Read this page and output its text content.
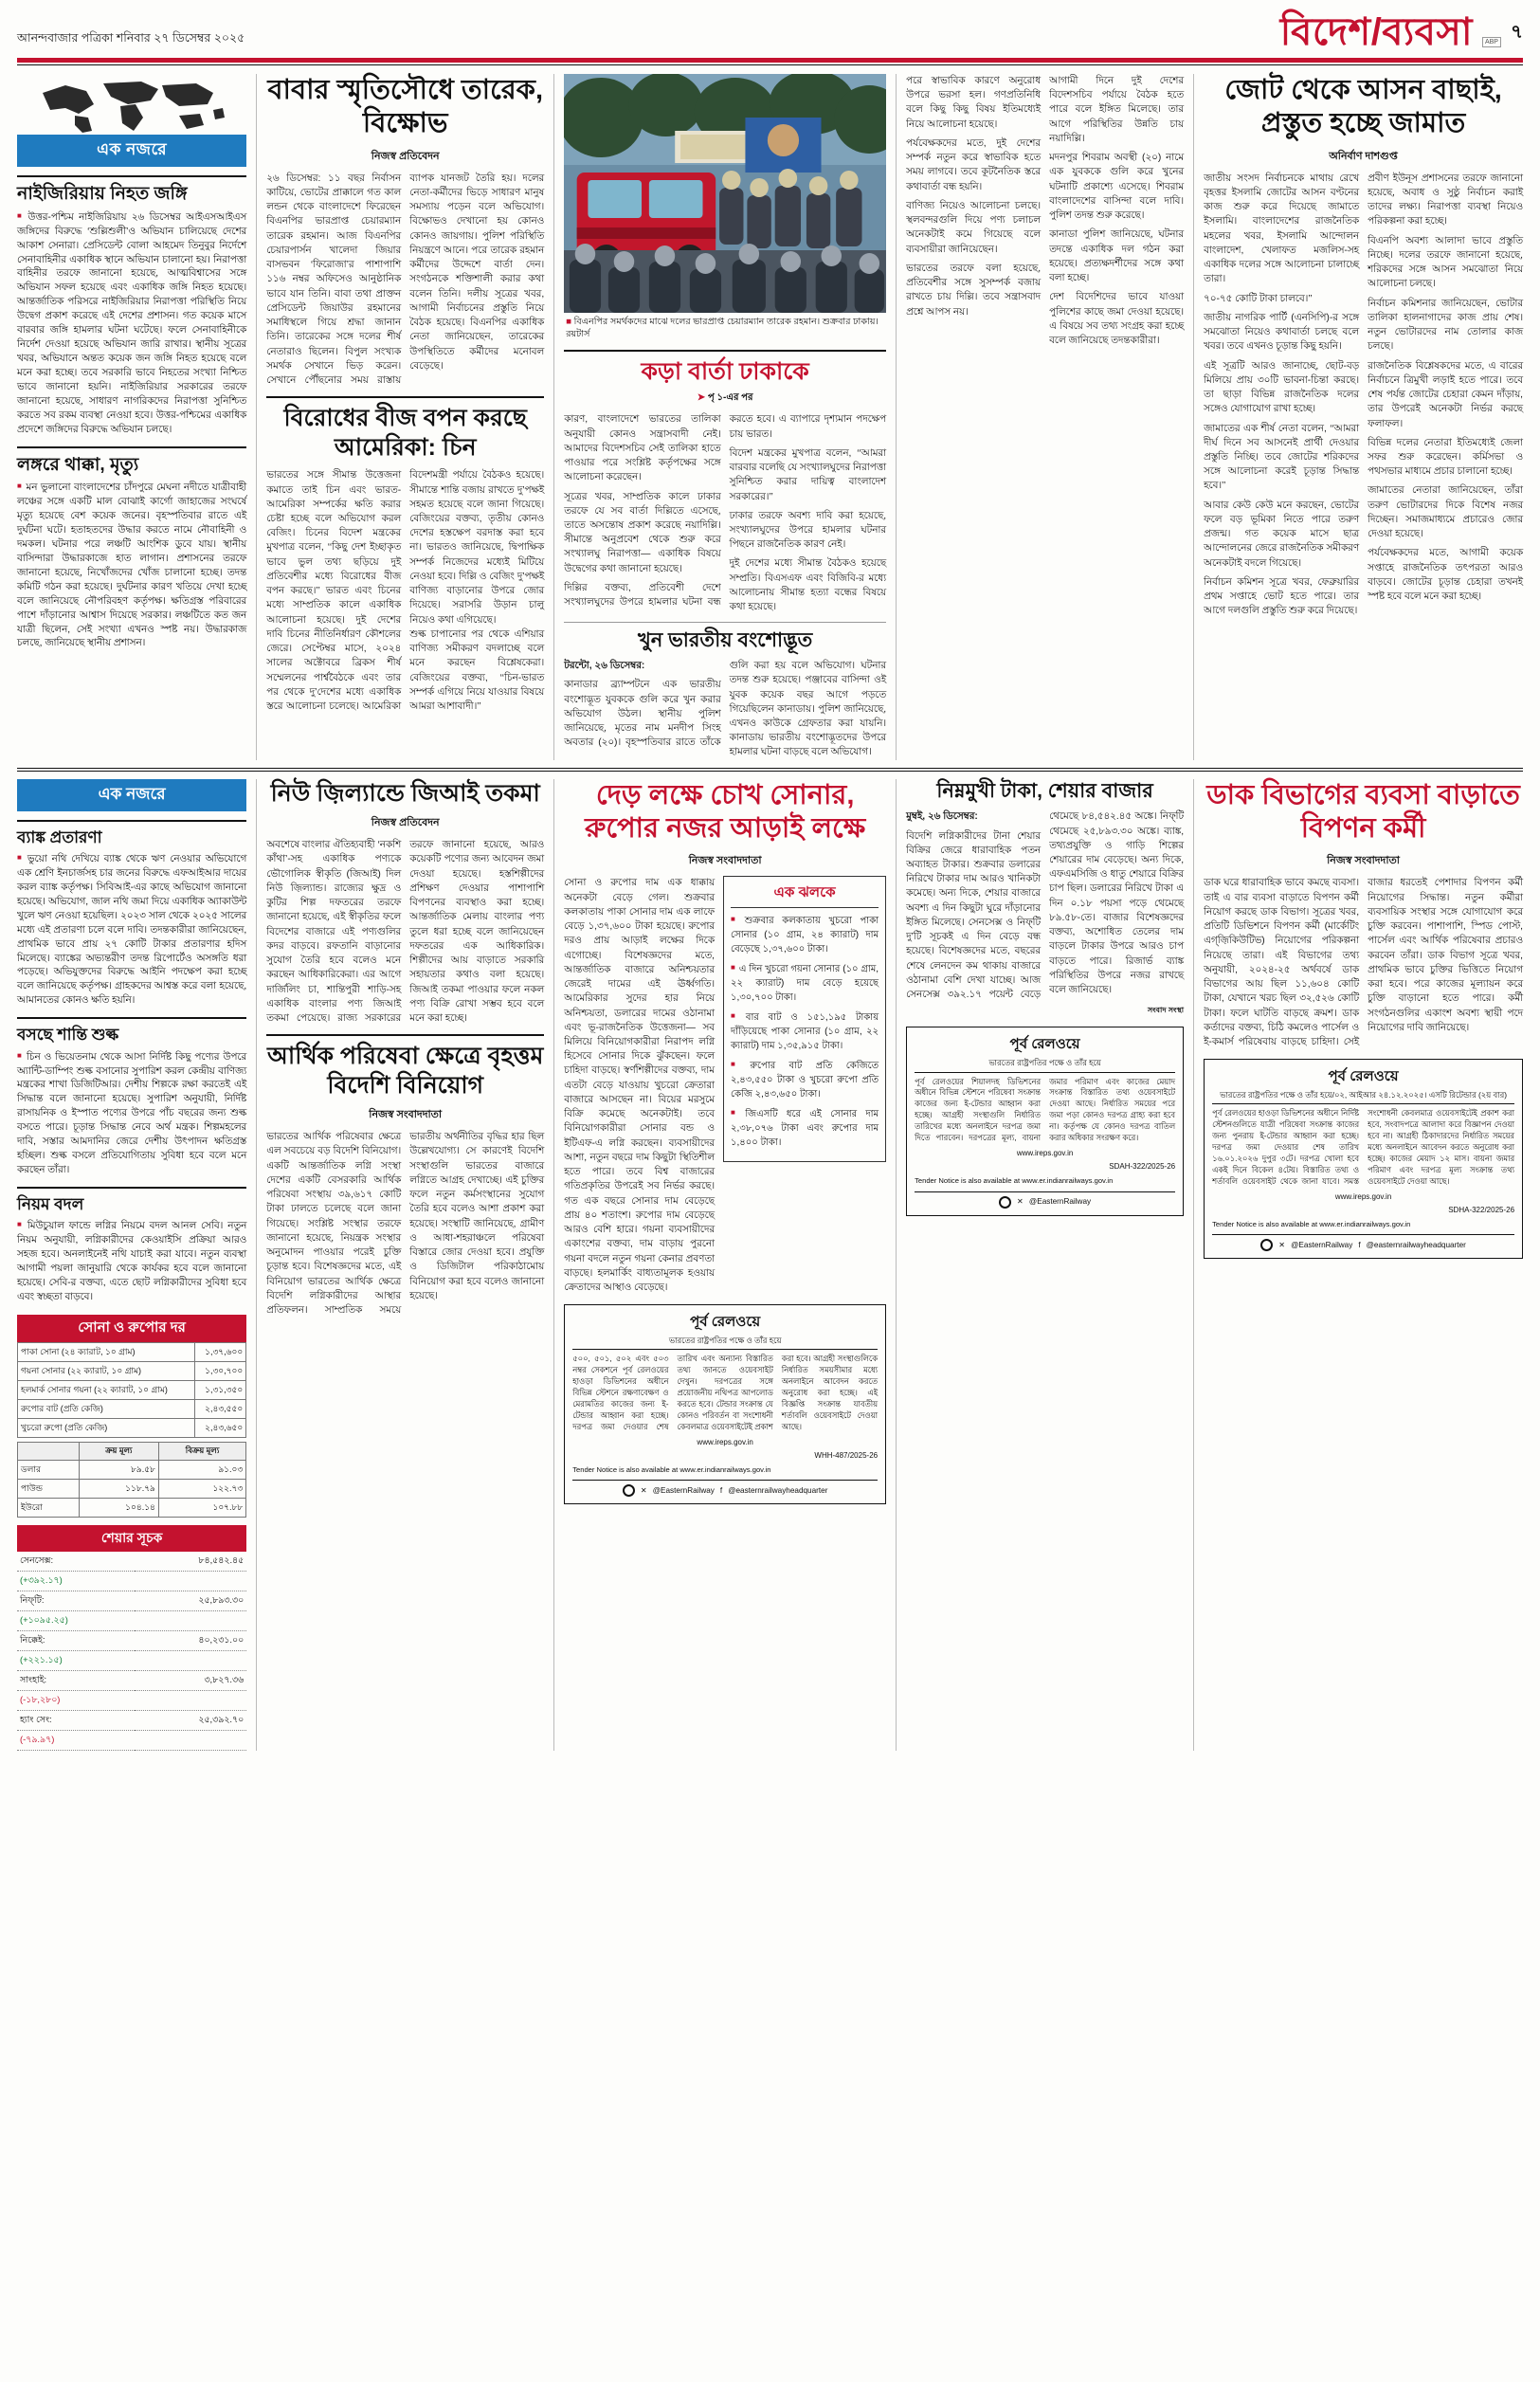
আনন্দবাজার পত্রিকা শনিবার ২৭ ডিসেম্বর ২০২৫	বিদেশ/ব্যবসা	ABP ৭
এক নজরে
নাইজিরিয়ায় নিহত জঙ্গি
■ উত্তর-পশ্চিম নাইজিরিয়ায় ২৬ ডিসেম্বর আইএসআইএস জঙ্গিদের বিরুদ্ধে ‘শুল্লিশুলী’ও অভিযান চালিয়েছে দেশের আকাশ সেনারা। প্রেসিডেন্ট বোলা আহমেদ তিনুবুর নির্দেশে সেনাবাহিনীর একাধিক স্থানে অভিযান চালানো হয়। নিরাপত্তা বাহিনীর তরফে জানানো হয়েছে, আত্মবিশ্বাসের সঙ্গে অভিযান সফল হয়েছে এবং একাধিক জঙ্গি নিহত হয়েছে। আন্তর্জাতিক পরিসরে নাইজিরিয়ার নিরাপত্তা পরিস্থিতি নিয়ে উদ্বেগ প্রকাশ করেছে এই দেশের প্রশাসন। গত কয়েক মাসে বারবার জঙ্গি হামলার ঘটনা ঘটেছে। ফলে সেনাবাহিনীকে নির্দেশ দেওয়া হয়েছে অভিযান জারি রাখার। স্থানীয় সূত্রের খবর, অভিযানে অন্তত কয়েক জন জঙ্গি নিহত হয়েছে বলে মনে করা হচ্ছে। তবে সরকারি ভাবে নিহতের সংখ্যা নিশ্চিত ভাবে জানানো হয়নি। নাইজিরিয়ার সরকারের তরফে জানানো হয়েছে, সাধারণ নাগরিকদের নিরাপত্তা সুনিশ্চিত করতে সব রকম ব্যবস্থা নেওয়া হবে। উত্তর-পশ্চিমের একাধিক প্রদেশে জঙ্গিদের বিরুদ্ধে অভিযান চলছে।
লঙ্গরে থাক্কা, মৃত্যু
■ মন ভুলানো বাংলাদেশের চাঁদপুরে মেঘনা নদীতে যাত্রীবাহী লঞ্চের সঙ্গে একটি মাল বোঝাই কার্গো জাহাজের সংঘর্ষে মৃত্যু হয়েছে বেশ কয়েক জনের। বৃহস্পতিবার রাতে এই দুর্ঘটনা ঘটে। হতাহতদের উদ্ধার করতে নামে নৌবাহিনী ও দমকল। ঘটনার পরে লঞ্চটি আংশিক ডুবে যায়। স্থানীয় বাসিন্দারা উদ্ধারকাজে হাত লাগান। প্রশাসনের তরফে জানানো হয়েছে, নিখোঁজদের খোঁজ চালানো হচ্ছে। তদন্ত কমিটি গঠন করা হয়েছে। দুর্ঘটনার কারণ খতিয়ে দেখা হচ্ছে বলে জানিয়েছে নৌপরিবহণ কর্তৃপক্ষ। ক্ষতিগ্রস্ত পরিবারের পাশে দাঁড়ানোর আশ্বাস দিয়েছে সরকার। লঞ্চটিতে কত জন যাত্রী ছিলেন, সেই সংখ্যা এখনও স্পষ্ট নয়। উদ্ধারকাজ চলছে, জানিয়েছে স্থানীয় প্রশাসন।
বাবার স্মৃতিসৌধে তারেক, বিক্ষোভ
নিজস্ব প্রতিবেদন
২৬ ডিসেম্বর: ১১ বছর নির্বাসন কাটিয়ে, ভোটের প্রাক্কালে গত কাল লন্ডন থেকে বাংলাদেশে ফিরেছেন বিএনপির ভারপ্রাপ্ত চেয়ারম্যান তারেক রহমান। আজ বিএনপির চেয়ারপার্সন খালেদা জিয়ার বাসভবন ‘ফিরোজা’র পাশাপাশি ১১৬ নম্বর অফিসেও আনুষ্ঠানিক ভাবে যান তিনি। বাবা তথা প্রাক্তন প্রেসিডেন্ট জিয়াউর রহমানের সমাধিস্থলে গিয়ে শ্রদ্ধা জানান তিনি। তারেকের সঙ্গে দলের শীর্ষ নেতারাও ছিলেন। বিপুল সংখ্যক সমর্থক সেখানে ভিড় করেন। সেখানে পৌঁছনোর সময় রাস্তায় ব্যাপক যানজট তৈরি হয়। দলের নেতা-কর্মীদের ভিড়ে সাধারণ মানুষ সমস্যায় পড়েন বলে অভিযোগ। বিক্ষোভও দেখানো হয় কোনও কোনও জায়গায়। পুলিশ পরিস্থিতি নিয়ন্ত্রণে আনে। পরে তারেক রহমান কর্মীদের উদ্দেশে বার্তা দেন। সংগঠনকে শক্তিশালী করার কথা বলেন তিনি। দলীয় সূত্রের খবর, আগামী নির্বাচনের প্রস্তুতি নিয়ে বৈঠক হয়েছে। বিএনপির একাধিক নেতা জানিয়েছেন, তারেকের উপস্থিতিতে কর্মীদের মনোবল বেড়েছে।
বিরোধের বীজ বপন করছে আমেরিকা: চিন
ভারতের সঙ্গে সীমান্ত উত্তেজনা কমাতে তাই চিন এবং ভারত-আমেরিকা সম্পর্কের ক্ষতি করার চেষ্টা হচ্ছে বলে অভিযোগ করল বেজিং। চিনের বিদেশ মন্ত্রকের মুখপাত্র বলেন, ‘‘কিছু দেশ ইচ্ছাকৃত ভাবে ভুল তথ্য ছড়িয়ে দুই প্রতিবেশীর মধ্যে বিরোধের বীজ বপন করছে।’’ ভারত এবং চিনের মধ্যে সাম্প্রতিক কালে একাধিক আলোচনা হয়েছে। দুই দেশের বিদেশমন্ত্রী পর্যায়ে বৈঠকও হয়েছে। সীমান্তে শান্তি বজায় রাখতে দু’পক্ষই সহমত হয়েছে বলে জানা গিয়েছে। বেজিংয়ের বক্তব্য, তৃতীয় কোনও দেশের হস্তক্ষেপ বরদাস্ত করা হবে না। ভারতও জানিয়েছে, দ্বিপাক্ষিক সম্পর্ক নিজেদের মধ্যেই মিটিয়ে নেওয়া হবে। দিল্লি ও বেজিং দু’পক্ষই বাণিজ্য বাড়ানোর উপরে জোর দিয়েছে। সরাসরি উড়ান চালু নিয়েও কথা এগিয়েছে।
দাবি চিনের নীতিনির্ধারণ কৌশলের জেরে। সেপ্টেম্বর মাসে, ২০২৪ সালের অক্টোবরে ব্রিকস শীর্ষ সম্মেলনের পার্শ্ববৈঠকে এবং তার পর থেকে দু’দেশের মধ্যে একাধিক স্তরে আলোচনা চলেছে। আমেরিকা শুল্ক চাপানোর পর থেকে এশিয়ার বাণিজ্য সমীকরণ বদলাচ্ছে বলে মনে করছেন বিশ্লেষকেরা। বেজিংয়ের বক্তব্য, ‘‘চিন-ভারত সম্পর্ক এগিয়ে নিয়ে যাওয়ার বিষয়ে আমরা আশাবাদী।’’
■ বিএনপির সমর্থকদের মাঝে দলের ভারপ্রাপ্ত চেয়ারম্যান তারেক রহমান। শুক্রবার ঢাকায়। রয়টার্স
কড়া বার্তা ঢাকাকে
➤ পৃ ১-এর পর

কারণ, বাংলাদেশে ভারতের তালিকা অনুযায়ী কোনও সন্ত্রাসবাদী নেই। আমাদের বিদেশসচিব সেই তালিকা হাতে পাওয়ার পরে সংশ্লিষ্ট কর্তৃপক্ষের সঙ্গে আলোচনা করেছেন।

সূত্রের খবর, সাম্প্রতিক কালে ঢাকার তরফে যে সব বার্তা দিল্লিতে এসেছে, তাতে অসন্তোষ প্রকাশ করেছে নয়াদিল্লি। সীমান্তে অনুপ্রবেশ থেকে শুরু করে সংখ্যালঘু নিরাপত্তা— একাধিক বিষয়ে উদ্বেগের কথা জানানো হয়েছে।

দিল্লির বক্তব্য, প্রতিবেশী দেশে সংখ্যালঘুদের উপরে হামলার ঘটনা বন্ধ করতে হবে। এ ব্যাপারে দৃশ্যমান পদক্ষেপ চায় ভারত।

বিদেশ মন্ত্রকের মুখপাত্র বলেন, ‘‘আমরা বারবার বলেছি যে সংখ্যালঘুদের নিরাপত্তা সুনিশ্চিত করার দায়িত্ব বাংলাদেশ সরকারের।’’

ঢাকার তরফে অবশ্য দাবি করা হয়েছে, সংখ্যালঘুদের উপরে হামলার ঘটনার পিছনে রাজনৈতিক কারণ নেই।

দুই দেশের মধ্যে সীমান্ত বৈঠকও হয়েছে সম্প্রতি। বিএসএফ এবং বিজিবি-র মধ্যে আলোচনায় সীমান্ত হত্যা বন্ধের বিষয়ে কথা হয়েছে।

খুন ভারতীয় বংশোদ্ভূত

টরন্টো, ২৬ ডিসেম্বর:

কানাডার ব্র্যাম্পটনে এক ভারতীয় বংশোদ্ভূত যুবককে গুলি করে খুন করার অভিযোগ উঠল। স্থানীয় পুলিশ জানিয়েছে, মৃতের নাম মনদীপ সিংহ অবতার (২০)। বৃহস্পতিবার রাতে তাঁকে গুলি করা হয় বলে অভিযোগ। ঘটনার তদন্ত শুরু হয়েছে। পঞ্জাবের বাসিন্দা ওই যুবক কয়েক বছর আগে পড়তে গিয়েছিলেন কানাডায়। পুলিশ জানিয়েছে, এখনও কাউকে গ্রেফতার করা যায়নি। কানাডায় ভারতীয় বংশোদ্ভূতদের উপরে হামলার ঘটনা বাড়ছে বলে অভিযোগ।

পরে স্বাভাবিক কারণে অনুরোধ উপরে ভরসা হল। গণপ্রতিনিধি বলে কিছু কিছু বিষয় ইতিমধ্যেই নিয়ে আলোচনা হয়েছে।

পর্যবেক্ষকদের মতে, দুই দেশের সম্পর্ক নতুন করে স্বাভাবিক হতে সময় লাগবে। তবে কূটনৈতিক স্তরে কথাবার্তা বন্ধ হয়নি।

বাণিজ্য নিয়েও আলোচনা চলছে। স্থলবন্দরগুলি দিয়ে পণ্য চলাচল অনেকটাই কমে গিয়েছে বলে ব্যবসায়ীরা জানিয়েছেন।

ভারতের তরফে বলা হয়েছে, প্রতিবেশীর সঙ্গে সুসম্পর্ক বজায় রাখতে চায় দিল্লি। তবে সন্ত্রাসবাদ প্রশ্নে আপস নয়।

আগামী দিনে দুই দেশের বিদেশসচিব পর্যায়ে বৈঠক হতে পারে বলে ইঙ্গিত মিলেছে। তার আগে পরিস্থিতির উন্নতি চায় নয়াদিল্লি।

মদনপুর শিবরাম অবস্থী (২০) নামে এক যুবককে গুলি করে খুনের ঘটনাটি প্রকাশ্যে এসেছে। শিবরাম বাংলাদেশের বাসিন্দা বলে দাবি। পুলিশ তদন্ত শুরু করেছে।

কানাডা পুলিশ জানিয়েছে, ঘটনার তদন্তে একাধিক দল গঠন করা হয়েছে। প্রত্যক্ষদর্শীদের সঙ্গে কথা বলা হচ্ছে।

দেশ বিদেশিদের ভাবে যাওয়া পুলিশের কাছে জমা দেওয়া হয়েছে। এ বিষয়ে সব তথ্য সংগ্রহ করা হচ্ছে বলে জানিয়েছে তদন্তকারীরা।

জোট থেকে আসন বাছাই, প্রস্তুত হচ্ছে জামাত
অনির্বাণ দাশগুপ্ত

জাতীয় সংসদ নির্বাচনকে মাথায় রেখে বৃহত্তর ইসলামি জোটের আসন বণ্টনের কাজ শুরু করে দিয়েছে জামাতে ইসলামি। বাংলাদেশের রাজনৈতিক মহলের খবর, ইসলামি আন্দোলন বাংলাদেশ, খেলাফত মজলিস-সহ একাধিক দলের সঙ্গে আলোচনা চালাচ্ছে তারা।

৭০-৭৫ কোটি টাকা চালবে।’’

জাতীয় নাগরিক পার্টি (এনসিপি)-র সঙ্গে সমঝোতা নিয়েও কথাবার্তা চলছে বলে খবর। তবে এখনও চূড়ান্ত কিছু হয়নি।

এই সূত্রটি আরও জানাচ্ছে, ছোট-বড় মিলিয়ে প্রায় ৩০টি ভাবনা-চিন্তা করছে। তা ছাড়া বিভিন্ন রাজনৈতিক দলের সঙ্গেও যোগাযোগ রাখা হচ্ছে।

জামাতের এক শীর্ষ নেতা বলেন, ‘‘আমরা দীর্ঘ দিনে সব আসনেই প্রার্থী দেওয়ার প্রস্তুতি নিচ্ছি। তবে জোটের শরিকদের সঙ্গে আলোচনা করেই চূড়ান্ত সিদ্ধান্ত হবে।’’

আবার কেউ কেউ মনে করছেন, ভোটের ফলে বড় ভূমিকা নিতে পারে তরুণ প্রজন্ম। গত কয়েক মাসে ছাত্র আন্দোলনের জেরে রাজনৈতিক সমীকরণ অনেকটাই বদলে গিয়েছে।

নির্বাচন কমিশন সূত্রে খবর, ফেব্রুয়ারির প্রথম সপ্তাহে ভোট হতে পারে। তার আগে দলগুলি প্রস্তুতি শুরু করে দিয়েছে।

প্রবীণ ইউনূস প্রশাসনের তরফে জানানো হয়েছে, অবাধ ও সুষ্ঠু নির্বাচন করাই তাদের লক্ষ্য। নিরাপত্তা ব্যবস্থা নিয়েও পরিকল্পনা করা হচ্ছে।

বিএনপি অবশ্য আলাদা ভাবে প্রস্তুতি নিচ্ছে। দলের তরফে জানানো হয়েছে, শরিকদের সঙ্গে আসন সমঝোতা নিয়ে আলোচনা চলছে।

নির্বাচন কমিশনার জানিয়েছেন, ভোটার তালিকা হালনাগাদের কাজ প্রায় শেষ। নতুন ভোটারদের নাম তোলার কাজ চলছে।

রাজনৈতিক বিশ্লেষকদের মতে, এ বারের নির্বাচনে ত্রিমুখী লড়াই হতে পারে। তবে শেষ পর্যন্ত জোটের চেহারা কেমন দাঁড়ায়, তার উপরেই অনেকটা নির্ভর করছে ফলাফল।

বিভিন্ন দলের নেতারা ইতিমধ্যেই জেলা সফর শুরু করেছেন। কর্মিসভা ও পথসভার মাধ্যমে প্রচার চালানো হচ্ছে।

জামাতের নেতারা জানিয়েছেন, তাঁরা তরুণ ভোটারদের দিকে বিশেষ নজর দিচ্ছেন। সমাজমাধ্যমে প্রচারেও জোর দেওয়া হয়েছে।

পর্যবেক্ষকদের মতে, আগামী কয়েক সপ্তাহে রাজনৈতিক তৎপরতা আরও বাড়বে। জোটের চূড়ান্ত চেহারা তখনই স্পষ্ট হবে বলে মনে করা হচ্ছে।

এক নজরে
ব্যাঙ্ক প্রতারণা
■ ভুয়ো নথি দেখিয়ে ব্যাঙ্ক থেকে ঋণ নেওয়ার অভিযোগে এক শ্রেণি ইনচার্জসহ চার জনের বিরুদ্ধে এফআইআর দায়ের করল ব্যাঙ্ক কর্তৃপক্ষ। সিবিআই-এর কাছে অভিযোগ জানানো হয়েছে। অভিযোগ, জাল নথি জমা দিয়ে একাধিক অ্যাকাউন্ট খুলে ঋণ নেওয়া হয়েছিল। ২০২৩ সাল থেকে ২০২৫ সালের মধ্যে এই প্রতারণা চলে বলে দাবি। তদন্তকারীরা জানিয়েছেন, প্রাথমিক ভাবে প্রায় ২৭ কোটি টাকার প্রতারণার হদিস মিলেছে। ব্যাঙ্কের অভ্যন্তরীণ তদন্ত রিপোর্টেও অসঙ্গতি ধরা পড়েছে। অভিযুক্তদের বিরুদ্ধে আইনি পদক্ষেপ করা হচ্ছে বলে জানিয়েছে কর্তৃপক্ষ। গ্রাহকদের আশ্বস্ত করে বলা হয়েছে, আমানতের কোনও ক্ষতি হয়নি।
বসছে শান্তি শুল্ক
■ চিন ও ভিয়েতনাম থেকে আসা নির্দিষ্ট কিছু পণ্যের উপরে অ্যান্টি-ডাম্পিং শুল্ক বসানোর সুপারিশ করল কেন্দ্রীয় বাণিজ্য মন্ত্রকের শাখা ডিজিটিআর। দেশীয় শিল্পকে রক্ষা করতেই এই সিদ্ধান্ত বলে জানানো হয়েছে। সুপারিশ অনুযায়ী, নির্দিষ্ট রাসায়নিক ও ইস্পাত পণ্যের উপরে পাঁচ বছরের জন্য শুল্ক বসতে পারে। চূড়ান্ত সিদ্ধান্ত নেবে অর্থ মন্ত্রক। শিল্পমহলের দাবি, সস্তার আমদানির জেরে দেশীয় উৎপাদন ক্ষতিগ্রস্ত হচ্ছিল। শুল্ক বসলে প্রতিযোগিতায় সুবিধা হবে বলে মনে করছেন তাঁরা।
নিয়ম বদল
■ মিউচুয়াল ফান্ডে লগ্নির নিয়মে বদল আনল সেবি। নতুন নিয়ম অনুযায়ী, লগ্নিকারীদের কেওয়াইসি প্রক্রিয়া আরও সহজ হবে। অনলাইনেই নথি যাচাই করা যাবে। নতুন ব্যবস্থা আগামী পয়লা জানুয়ারি থেকে কার্যকর হবে বলে জানানো হয়েছে। সেবি-র বক্তব্য, এতে ছোট লগ্নিকারীদের সুবিধা হবে এবং স্বচ্ছতা বাড়বে।
সোনা ও রুপোর দর
পাকা সোনা (২৪ ক্যারাট, ১০ গ্রাম)	১,৩৭,৬০০
গয়না সোনার (২২ ক্যারাট, ১০ গ্রাম)	১,৩০,৭০০
হলমার্ক সোনার গয়না (২২ ক্যারাট, ১০ গ্রাম)	১,৩১,৩৫০
রুপোর বাট (প্রতি কেজি)	২,৪৩,৫৫০
খুচরো রুপো (প্রতি কেজি)	২,৪৩,৬৫০
	ক্রয় মূল্য	বিক্রয় মূল্য
ডলার	৮৯.৫৮	৯১.০৩
পাউন্ড	১১৮.৭৯	১২২.৭৩
ইউরো	১০৪.১৪	১০৭.৮৮
শেয়ার সূচক
সেনসেক্স:	৮৪,৫৪২.৪৫
(+৩৯২.১৭)	
নিফ্‌টি:	২৫,৮৯৩.৩০
(+১০৯৫.২৫)	
নিক্কেই:	৪০,২৩১.০০
(+২২১.১৫)	
সাংহাই:	৩,৮২৭.৩৬
(-১৮,২৮০)	
হ্যাং সেং:	২৫,৩৯২.৭০
(-৭৯.৯৭)	
নিউ জ়িল্যান্ডে জিআই তকমা
নিজস্ব প্রতিবেদন
অবশেষে বাংলার ঐতিহ্যবাহী ‘নকশি কাঁথা’-সহ একাধিক পণ্যকে ভৌগোলিক স্বীকৃতি (জিআই) দিল নিউ জ়িল্যান্ড। রাজ্যের ক্ষুদ্র ও কুটির শিল্প দফতরের তরফে জানানো হয়েছে, এই স্বীকৃতির ফলে বিদেশের বাজারে এই পণ্যগুলির কদর বাড়বে। রফতানি বাড়ানোর সুযোগ তৈরি হবে বলেও মনে করছেন আধিকারিকেরা। এর আগে দার্জিলিং চা, শান্তিপুরী শাড়ি-সহ একাধিক বাংলার পণ্য জিআই তকমা পেয়েছে। রাজ্য সরকারের তরফে জানানো হয়েছে, আরও কয়েকটি পণ্যের জন্য আবেদন জমা দেওয়া হয়েছে। হস্তশিল্পীদের প্রশিক্ষণ দেওয়ার পাশাপাশি বিপণনের ব্যবস্থাও করা হচ্ছে। আন্তর্জাতিক মেলায় বাংলার পণ্য তুলে ধরা হচ্ছে বলে জানিয়েছেন দফতরের এক আধিকারিক। শিল্পীদের আয় বাড়াতে সরকারি সহায়তার কথাও বলা হয়েছে। জিআই তকমা পাওয়ার ফলে নকল পণ্য বিক্রি রোখা সম্ভব হবে বলে মনে করা হচ্ছে।
আর্থিক পরিষেবা ক্ষেত্রে বৃহত্তম বিদেশি বিনিয়োগ
নিজস্ব সংবাদদাতা
ভারতের আর্থিক পরিষেবার ক্ষেত্রে এল সবচেয়ে বড় বিদেশি বিনিয়োগ। একটি আন্তর্জাতিক লগ্নি সংস্থা দেশের একটি বেসরকারি আর্থিক পরিষেবা সংস্থায় ৩৯,৬১৭ কোটি টাকা ঢালতে চলেছে বলে জানা গিয়েছে। সংশ্লিষ্ট সংস্থার তরফে জানানো হয়েছে, নিয়ন্ত্রক সংস্থার অনুমোদন পাওয়ার পরেই চুক্তি চূড়ান্ত হবে। বিশেষজ্ঞদের মতে, এই বিনিয়োগ ভারতের আর্থিক ক্ষেত্রে বিদেশি লগ্নিকারীদের আস্থার প্রতিফলন। সাম্প্রতিক সময়ে ভারতীয় অর্থনীতির বৃদ্ধির হার ছিল উল্লেখযোগ্য। সে কারণেই বিদেশি সংস্থাগুলি ভারতের বাজারে লগ্নিতে আগ্রহ দেখাচ্ছে। এই চুক্তির ফলে নতুন কর্মসংস্থানের সুযোগ তৈরি হবে বলেও আশা প্রকাশ করা হয়েছে। সংস্থাটি জানিয়েছে, গ্রামীণ ও আধা-শহরাঞ্চলে পরিষেবা বিস্তারে জোর দেওয়া হবে। প্রযুক্তি ও ডিজিটাল পরিকাঠামোয় বিনিয়োগ করা হবে বলেও জানানো হয়েছে।
দেড় লক্ষে চোখ সোনার, রুপোর নজর আড়াই লক্ষে
নিজস্ব সংবাদদাতা
সোনা ও রুপোর দাম এক ধাক্কায় অনেকটা বেড়ে গেল। শুক্রবার কলকাতায় পাকা সোনার দাম এক লাফে বেড়ে ১,৩৭,৬০০ টাকা হয়েছে। রুপোর দরও প্রায় আড়াই লক্ষের দিকে এগোচ্ছে। বিশেষজ্ঞদের মতে, আন্তর্জাতিক বাজারে অনিশ্চয়তার জেরেই দামের এই ঊর্ধ্বগতি। আমেরিকার সুদের হার নিয়ে অনিশ্চয়তা, ডলারের দামের ওঠানামা এবং ভূ-রাজনৈতিক উত্তেজনা— সব মিলিয়ে বিনিয়োগকারীরা নিরাপদ লগ্নি হিসেবে সোনার দিকে ঝুঁকছেন। ফলে চাহিদা বাড়ছে। স্বর্ণশিল্পীদের বক্তব্য, দাম এতটা বেড়ে যাওয়ায় খুচরো ক্রেতারা বাজারে আসছেন না। বিয়ের মরসুমে বিক্রি কমেছে অনেকটাই। তবে বিনিয়োগকারীরা সোনার বন্ড ও ইটিএফ-এ লগ্নি করছেন। ব্যবসায়ীদের আশা, নতুন বছরে দাম কিছুটা স্থিতিশীল হতে পারে। তবে বিশ্ব বাজারের গতিপ্রকৃতির উপরেই সব নির্ভর করছে। গত এক বছরে সোনার দাম বেড়েছে প্রায় ৪০ শতাংশ। রুপোর দাম বেড়েছে আরও বেশি হারে। গয়না ব্যবসায়ীদের একাংশের বক্তব্য, দাম বাড়ায় পুরনো গয়না বদলে নতুন গয়না কেনার প্রবণতা বাড়ছে। হলমার্কিং বাধ্যতামূলক হওয়ায় ক্রেতাদের আস্থাও বেড়েছে।
এক ঝলকে
■ শুক্রবার কলকাতায় খুচরো পাকা সোনার (১০ গ্রাম, ২৪ ক্যারাট) দাম বেড়েছে ১,৩৭,৬০০ টাকা।
■ এ দিন খুচরো গয়না সোনার (১০ গ্রাম, ২২ ক্যারাট) দাম বেড়ে হয়েছে ১,৩০,৭০০ টাকা।
■ বার বাট ও ১৫১,১৯৫ টাকায় দাঁড়িয়েছে পাকা সোনার (১০ গ্রাম, ২২ ক্যারাট) দাম ১,৩৫,৯১৫ টাকা।
■ রুপোর বাট প্রতি কেজিতে ২,৪৩,৫৫০ টাকা ও খুচরো রুপো প্রতি কেজি ২,৪৩,৬৫০ টাকা।
■ জিএসটি ধরে এই সোনার দাম ২,৩৮,০৭৬ টাকা এবং রুপোর দাম ১,৪০০ টাকা।
পূর্ব রেলওয়ে
ভারতের রাষ্ট্রপতির পক্ষে ও তাঁর হয়ে
৫০০, ৫০১, ৫০২ এবং ৫০৩ নম্বর সেকশনে পূর্ব রেলওয়ের হাওড়া ডিভিশনের অধীনে বিভিন্ন স্টেশনে রক্ষণাবেক্ষণ ও মেরামতির কাজের জন্য ই-টেন্ডার আহ্বান করা হচ্ছে। দরপত্র জমা দেওয়ার শেষ তারিখ এবং অন্যান্য বিস্তারিত তথ্য জানতে ওয়েবসাইট দেখুন। দরপত্রের সঙ্গে প্রয়োজনীয় নথিপত্র আপলোড করতে হবে। টেন্ডার সংক্রান্ত যে কোনও পরিবর্তন বা সংশোধনী কেবলমাত্র ওয়েবসাইটেই প্রকাশ করা হবে। আগ্রহী সংস্থাগুলিকে নির্ধারিত সময়সীমার মধ্যে অনলাইনে আবেদন করতে অনুরোধ করা হচ্ছে। এই বিজ্ঞপ্তি সংক্রান্ত যাবতীয় শর্তাবলি ওয়েবসাইটে দেওয়া আছে।
www.ireps.gov.in
WHH-487/2025-26
Tender Notice is also available at www.er.indianrailways.gov.in
✕ @EasternRailway f @easternrailwayheadquarter
নিম্নমুখী টাকা, শেয়ার বাজার

মুম্বই, ২৬ ডিসেম্বর:

বিদেশি লগ্নিকারীদের টানা শেয়ার বিক্রির জেরে ধারাবাহিক পতন অব্যাহত টাকার। শুক্রবার ডলারের নিরিখে টাকার দাম আরও খানিকটা কমেছে। অন্য দিকে, শেয়ার বাজারে অবশ্য এ দিন কিছুটা ঘুরে দাঁড়ানোর ইঙ্গিত মিলেছে। সেনসেক্স ও নিফ্‌টি দু’টি সূচকই এ দিন বেড়ে বন্ধ হয়েছে। বিশেষজ্ঞদের মতে, বছরের শেষে লেনদেন কম থাকায় বাজারে ওঠানামা বেশি দেখা যাচ্ছে। আজ সেনসেক্স ৩৯২.১৭ পয়েন্ট বেড়ে থেমেছে ৮৪,৫৪২.৪৫ অঙ্কে। নিফ্‌টি থেমেছে ২৫,৮৯৩.৩০ অঙ্কে। ব্যাঙ্ক, তথ্যপ্রযুক্তি ও গাড়ি শিল্পের শেয়ারের দাম বেড়েছে। অন্য দিকে, এফএমসিজি ও ধাতু শেয়ারে বিক্রির চাপ ছিল। ডলারের নিরিখে টাকা এ দিন ০.১৮ পয়সা পড়ে থেমেছে ৮৯.৫৮-তে। বাজার বিশেষজ্ঞদের বক্তব্য, অশোধিত তেলের দাম বাড়লে টাকার উপরে আরও চাপ বাড়তে পারে। রিজার্ভ ব্যাঙ্ক পরিস্থিতির উপরে নজর রাখছে বলে জানিয়েছে।

সংবাদ সংস্থা
পূর্ব রেলওয়ে
ভারতের রাষ্ট্রপতির পক্ষে ও তাঁর হয়ে
পূর্ব রেলওয়ের শিয়ালদহ ডিভিশনের অধীনে বিভিন্ন স্টেশনে পরিষেবা সংক্রান্ত কাজের জন্য ই-টেন্ডার আহ্বান করা হচ্ছে। আগ্রহী সংস্থাগুলি নির্ধারিত তারিখের মধ্যে অনলাইনে দরপত্র জমা দিতে পারবেন। দরপত্রের মূল্য, বায়না জমার পরিমাণ এবং কাজের মেয়াদ সংক্রান্ত বিস্তারিত তথ্য ওয়েবসাইটে দেওয়া আছে। নির্ধারিত সময়ের পরে জমা পড়া কোনও দরপত্র গ্রাহ্য করা হবে না। কর্তৃপক্ষ যে কোনও দরপত্র বাতিল করার অধিকার সংরক্ষণ করে।
www.ireps.gov.in
SDAH-322/2025-26
Tender Notice is also available at www.er.indianrailways.gov.in
✕ @EasternRailway
ডাক বিভাগের ব্যবসা বাড়াতে বিপণন কর্মী
নিজস্ব সংবাদদাতা
ডাক ঘরে ধারাবাহিক ভাবে কমছে ব্যবসা। তাই এ বার ব্যবসা বাড়াতে বিপণন কর্মী নিয়োগ করছে ডাক বিভাগ। সূত্রের খবর, প্রতিটি ডিভিশনে বিপণন কর্মী (মার্কেটিং এগ্‌জ়িকিউটিভ) নিয়োগের পরিকল্পনা নিয়েছে তারা। এই বিভাগের তথ্য অনুযায়ী, ২০২৪-২৫ অর্থবর্ষে ডাক বিভাগের আয় ছিল ১১,৬০৪ কোটি টাকা, যেখানে খরচ ছিল ৩২,৫২৬ কোটি টাকা। ফলে ঘাটতি বাড়ছে ক্রমশ। ডাক কর্তাদের বক্তব্য, চিঠি কমলেও পার্সেল ও ই-কমার্স পরিষেবায় বাড়ছে চাহিদা। সেই বাজার ধরতেই পেশাদার বিপণন কর্মী নিয়োগের সিদ্ধান্ত। নতুন কর্মীরা ব্যবসায়িক সংস্থার সঙ্গে যোগাযোগ করে চুক্তি করবেন। পাশাপাশি, স্পিড পোস্ট, পার্সেল এবং আর্থিক পরিষেবার প্রচারও করবেন তাঁরা। ডাক বিভাগ সূত্রে খবর, প্রাথমিক ভাবে চুক্তির ভিত্তিতে নিয়োগ করা হবে। পরে কাজের মূল্যায়ন করে চুক্তি বাড়ানো হতে পারে। কর্মী সংগঠনগুলির একাংশ অবশ্য স্থায়ী পদে নিয়োগের দাবি জানিয়েছে।
পূর্ব রেলওয়ে
ভারতের রাষ্ট্রপতির পক্ষে ও তাঁর হয়ে/০২, আইআর ২৪.১২.২০২৫। এসটি রিটেন্ডার (২য় বার)
পূর্ব রেলওয়ের হাওড়া ডিভিশনের অধীনে নির্দিষ্ট স্টেশনগুলিতে যাত্রী পরিষেবা সংক্রান্ত কাজের জন্য পুনরায় ই-টেন্ডার আহ্বান করা হচ্ছে। দরপত্র জমা দেওয়ার শেষ তারিখ ১৬.০১.২০২৬ দুপুর ৩টে। দরপত্র খোলা হবে একই দিনে বিকেল ৪টেয়। বিস্তারিত তথ্য ও শর্তাবলি ওয়েবসাইট থেকে জানা যাবে। সমস্ত সংশোধনী কেবলমাত্র ওয়েবসাইটেই প্রকাশ করা হবে, সংবাদপত্রে আলাদা করে বিজ্ঞাপন দেওয়া হবে না। আগ্রহী ঠিকাদারদের নির্ধারিত সময়ের মধ্যে অনলাইনে আবেদন করতে অনুরোধ করা হচ্ছে। কাজের মেয়াদ ১২ মাস। বায়না জমার পরিমাণ এবং দরপত্র মূল্য সংক্রান্ত তথ্য ওয়েবসাইটে দেওয়া আছে।
www.ireps.gov.in
SDHA-322/2025-26
Tender Notice is also available at www.er.indianrailways.gov.in
✕ @EasternRailway f @easternrailwayheadquarter
